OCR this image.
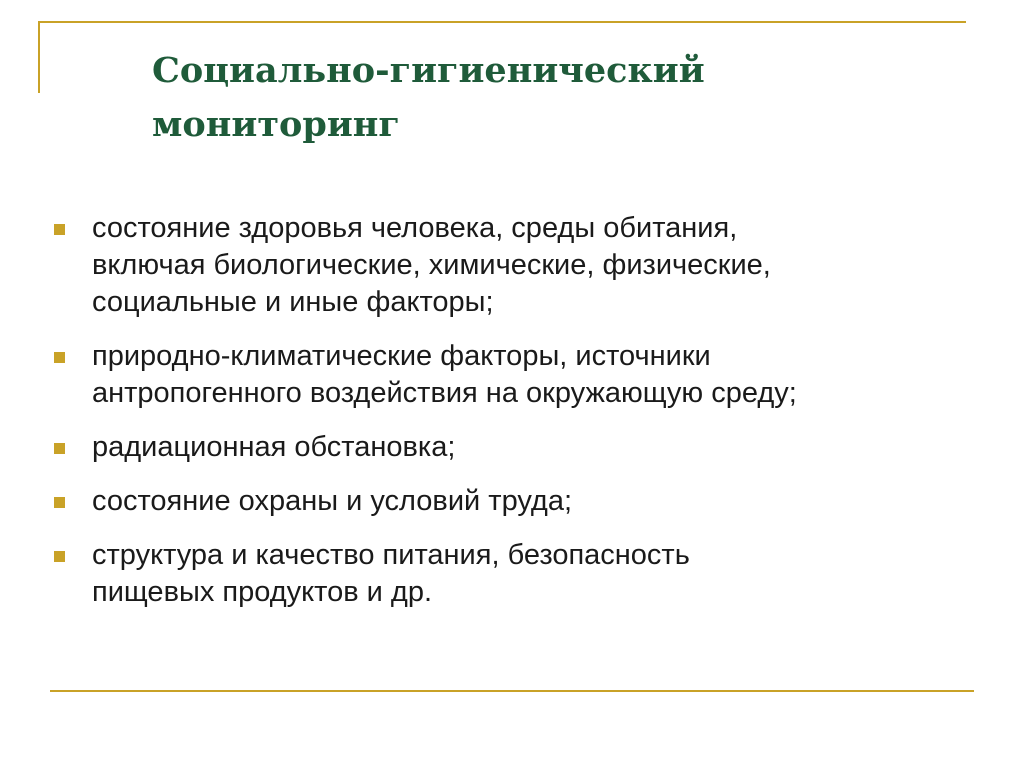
Социально-гигиенический
мониторинг
состояние здоровья человека, среды обитания,
включая биологические, химические, физические,
социальные и иные факторы;
природно-климатические факторы, источники
антропогенного воздействия на окружающую среду;
радиационная обстановка;
состояние охраны и условий труда;
структура и качество питания, безопасность
пищевых продуктов и др.
